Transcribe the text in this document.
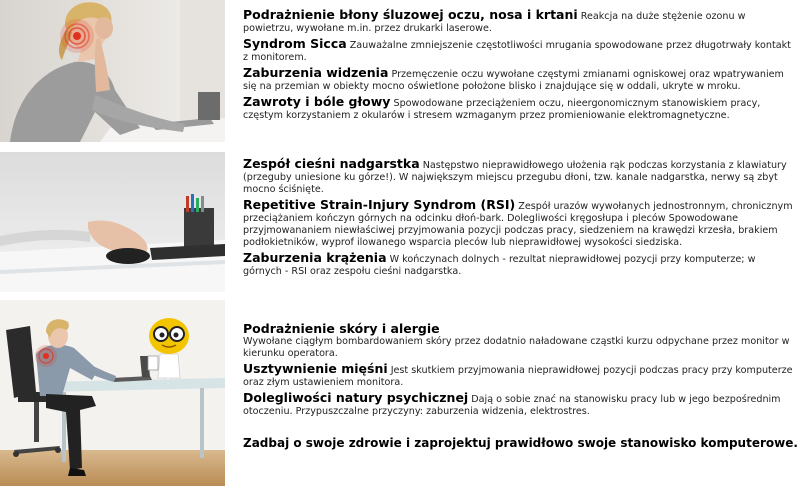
Podrażnienie błony śluzowej oczu, nosa i krtani Reakcja na duże stężenie ozonu w powietrzu, wywołane m.in. przez drukarki laserowe.
Syndrom Sicca Zauważalne zmniejszenie częstotliwości mrugania spowodowane przez długotrwały kontakt z monitorem.
Zaburzenia widzenia Przemęczenie oczu wywołane częstymi zmianami ogniskowej oraz wpatrywaniem się na przemian w obiekty mocno oświetlone położone blisko i znajdujące się w oddali, ukryte w mroku.
Zawroty i bóle głowy Spowodowane przeciążeniem oczu, nieergonomicznym stanowiskiem pracy, częstym korzystaniem z okularów i stresem wzmaganym przez promieniowanie elektromagnetyczne.
Zespół cieśni nadgarstka Następstwo nieprawidłowego ułożenia rąk podczas korzystania z klawiatury (przeguby uniesione ku górze!). W największym miejscu przegubu dłoni, tzw. kanale nadgarstka, nerwy są zbyt mocno ściśnięte.
Repetitive Strain-Injury Syndrom (RSI) Zespół urazów wywołanych jednostronnym, chronicznym przeciążaniem kończyn górnych na odcinku dłoń-bark. Dolegliwości kręgosłupa i pleców Spowodowane przyjmowananiem niewłaściwej przyjmowania pozycji podczas pracy, siedzeniem na krawędzi krzesła, brakiem podłokietników, wyprof ilowanego wsparcia pleców lub nieprawidłowej wysokości siedziska.
Zaburzenia krążenia W kończynach dolnych - rezultat nieprawidłowej pozycji przy komputerze; w górnych - RSI oraz zespołu cieśni nadgarstka.
Podrażnienie skóry i alergie
Wywołane ciągłym bombardowaniem skóry przez dodatnio naładowane cząstki kurzu odpychane przez monitor w kierunku operatora.
Usztywnienie mięśni Jest skutkiem przyjmowania nieprawidłowej pozycji podczas pracy przy komputerze oraz złym ustawieniem monitora.
Dolegliwości natury psychicznej Dają o sobie znać na stanowisku pracy lub w jego bezpośrednim otoczeniu. Przypuszczalne przyczyny: zaburzenia widzenia, elektrostres.
Zadbaj o swoje zdrowie i zaprojektuj prawidłowo swoje stanowisko komputerowe.
